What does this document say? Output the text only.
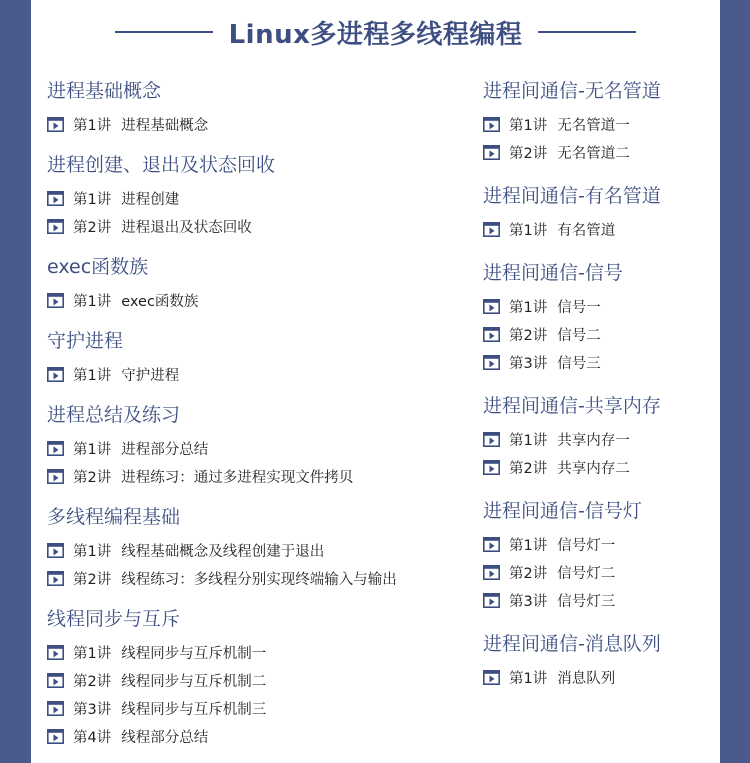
Linux多进程多线程编程
进程基础概念
第1讲 进程基础概念
进程创建、退出及状态回收
第1讲 进程创建
第2讲 进程退出及状态回收
exec函数族
第1讲 exec函数族
守护进程
第1讲 守护进程
进程总结及练习
第1讲 进程部分总结
第2讲 进程练习：通过多进程实现文件拷贝
多线程编程基础
第1讲 线程基础概念及线程创建于退出
第2讲 线程练习：多线程分别实现终端输入与输出
线程同步与互斥
第1讲 线程同步与互斥机制一
第2讲 线程同步与互斥机制二
第3讲 线程同步与互斥机制三
第4讲 线程部分总结
进程间通信-无名管道
第1讲 无名管道一
第2讲 无名管道二
进程间通信-有名管道
第1讲 有名管道
进程间通信-信号
第1讲 信号一
第2讲 信号二
第3讲 信号三
进程间通信-共享内存
第1讲 共享内存一
第2讲 共享内存二
进程间通信-信号灯
第1讲 信号灯一
第2讲 信号灯二
第3讲 信号灯三
进程间通信-消息队列
第1讲 消息队列
